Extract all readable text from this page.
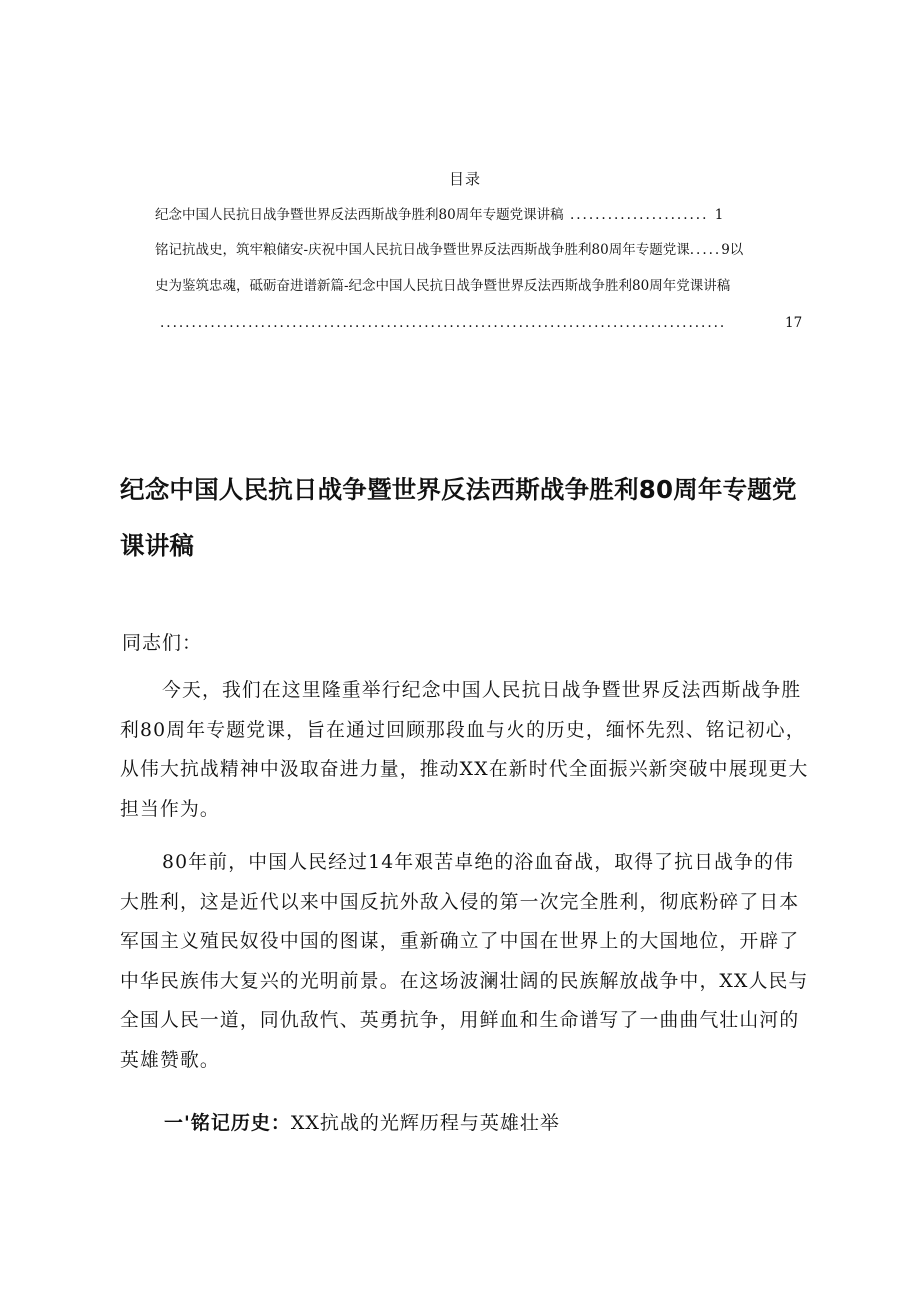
目录
纪念中国人民抗日战争暨世界反法西斯战争胜利80周年专题党课讲稿 ...................... 1
铭记抗战史，筑牢粮储安-庆祝中国人民抗日战争暨世界反法西斯战争胜利80周年专题党课.....9以
史为鉴筑忠魂，砥砺奋进谱新篇-纪念中国人民抗日战争暨世界反法西斯战争胜利80周年党课讲稿
..........................................................................................	17
纪念中国人民抗日战争暨世界反法西斯战争胜利80周年专题党课讲稿
同志们：

今天，我们在这里隆重举行纪念中国人民抗日战争暨世界反法西斯战争胜利80周年专题党课，旨在通过回顾那段血与火的历史，缅怀先烈、铭记初心，从伟大抗战精神中汲取奋进力量，推动XX在新时代全面振兴新突破中展现更大担当作为。

80年前，中国人民经过14年艰苦卓绝的浴血奋战，取得了抗日战争的伟大胜利，这是近代以来中国反抗外敌入侵的第一次完全胜利，彻底粉碎了日本军国主义殖民奴役中国的图谋，重新确立了中国在世界上的大国地位，开辟了中华民族伟大复兴的光明前景。在这场波澜壮阔的民族解放战争中，XX人民与全国人民一道，同仇敌忾、英勇抗争，用鲜血和生命谱写了一曲曲气壮山河的英雄赞歌。

一'铭记历史：XX抗战的光辉历程与英雄壮举
